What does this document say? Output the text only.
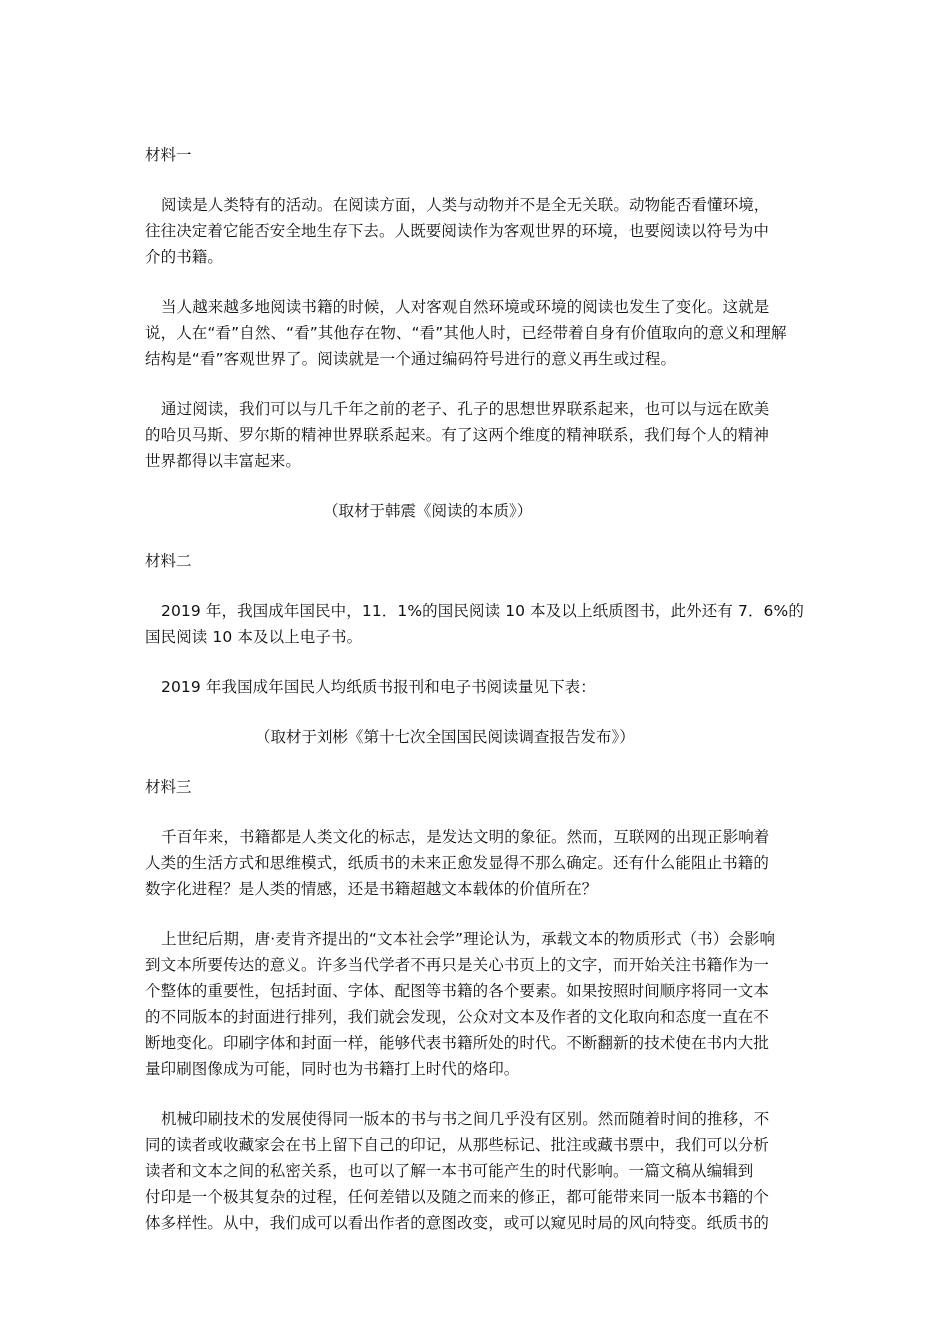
材料一
阅读是人类特有的活动。在阅读方面，人类与动物并不是全无关联。动物能否看懂环境，
往往决定着它能否安全地生存下去。人既要阅读作为客观世界的环境，也要阅读以符号为中
介的书籍。
当人越来越多地阅读书籍的时候，人对客观自然环境或环境的阅读也发生了变化。这就是
说，人在“看”自然、“看”其他存在物、“看”其他人时，已经带着自身有价值取向的意义和理解
结构是“看”客观世界了。阅读就是一个通过编码符号进行的意义再生或过程。
通过阅读，我们可以与几千年之前的老子、孔子的思想世界联系起来，也可以与远在欧美
的哈贝马斯、罗尔斯的精神世界联系起来。有了这两个维度的精神联系，我们每个人的精神
世界都得以丰富起来。
（取材于韩震《阅读的本质》）
材料二
2019 年，我国成年国民中，11．1%的国民阅读 10 本及以上纸质图书，此外还有 7．6%的
国民阅读 10 本及以上电子书。
2019 年我国成年国民人均纸质书报刊和电子书阅读量见下表：
（取材于刘彬《第十七次全国国民阅读调查报告发布》）
材料三
千百年来，书籍都是人类文化的标志，是发达文明的象征。然而，互联网的出现正影响着
人类的生活方式和思维模式，纸质书的未来正愈发显得不那么确定。还有什么能阻止书籍的
数字化进程？是人类的情感，还是书籍超越文本载体的价值所在？
上世纪后期，唐·麦肯齐提出的“文本社会学”理论认为，承载文本的物质形式（书）会影响
到文本所要传达的意义。许多当代学者不再只是关心书页上的文字，而开始关注书籍作为一
个整体的重要性，包括封面、字体、配图等书籍的各个要素。如果按照时间顺序将同一文本
的不同版本的封面进行排列，我们就会发现，公众对文本及作者的文化取向和态度一直在不
断地变化。印刷字体和封面一样，能够代表书籍所处的时代。不断翻新的技术使在书内大批
量印刷图像成为可能，同时也为书籍打上时代的烙印。
机械印刷技术的发展使得同一版本的书与书之间几乎没有区别。然而随着时间的推移，不
同的读者或收藏家会在书上留下自己的印记，从那些标记、批注或藏书票中，我们可以分析
读者和文本之间的私密关系，也可以了解一本书可能产生的时代影响。一篇文稿从编辑到
付印是一个极其复杂的过程，任何差错以及随之而来的修正，都可能带来同一版本书籍的个
体多样性。从中，我们成可以看出作者的意图改变，或可以窥见时局的风向特变。纸质书的
